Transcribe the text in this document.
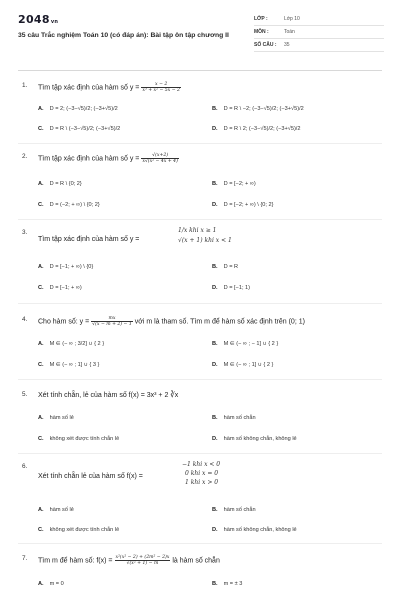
2048vn
35 câu Trắc nghiệm Toán 10 (có đáp án): Bài tập ôn tập chương II
LỚP :	Lớp 10
MÔN :	Toán
SỐ CÂU : 35
1. Tìm tập xác định của hàm số $y = \frac{x - 2}{\text{x³ + x² − 5x − 2}}$
A. D = 2; (−3−√5)/2; (−3+√5)/2	B. D = R \ −2; (−3−√5)/2; (−3+√5)/2
C. D = R \ (−3−√5)/2; (−3+√5)/2	D. D = R \ 2; (−3−√5)/2; (−3+√5)/2
2. Tìm tập xác định của hàm số $y = \frac{√(x+2)}{\text{x√(x² − 4x + 4)}}$
A. D = R \ {0; 2}	B. D = [−2; + ∞)
C. D = (−2; + ∞) \ {0; 2}	D. D = [−2; + ∞) \ {0; 2}
3.
Tìm tập xác định của hàm số y =
1/x khi x ≥ 1
√(x + 1) khi x < 1
A. D = [−1; + ∞) \ {0}	B. D = R
C. D = [−1; + ∞)	D. D = [−1; 1)
4. Cho hàm số: $y = \frac{mx}{√(x - m + 2) - 1}$ với m là tham số. Tìm m để hàm số xác định trên (0; 1)
A. M ∈ (− ∞ ; 3/2] ∪ { 2 }	B. M ∈ (− ∞ ; − 1] ∪ { 2 }
C. M ∈ (− ∞ ; 1] ∪ { 3 }	D. M ∈ (− ∞ ; 1] ∪ { 2 }
5. Xét tính chẵn, lẻ của hàm số f(x) = 3x³ + 2 ∛x
A. hàm số lẻ	B. hàm số chẵn
C. không xét được tính chẵn lẻ	D. hàm số không chẵn, không lẻ
6.
Xét tính chẵn lẻ của hàm số f(x) =
−1 khi x < 0
0 khi x = 0
1 khi x > 0
A. hàm số lẻ	B. hàm số chẵn
C. không xét được tính chẵn lẻ	D. hàm số không chẵn, không lẻ
7. Tìm m để hàm số: $f(x) = \frac{\text{x²(x² − 2) + (2m² − 2)x}}{\text{√(x² + 1) − m}}$ là hàm số chẵn
A. m = 0	B. m = ± 3
